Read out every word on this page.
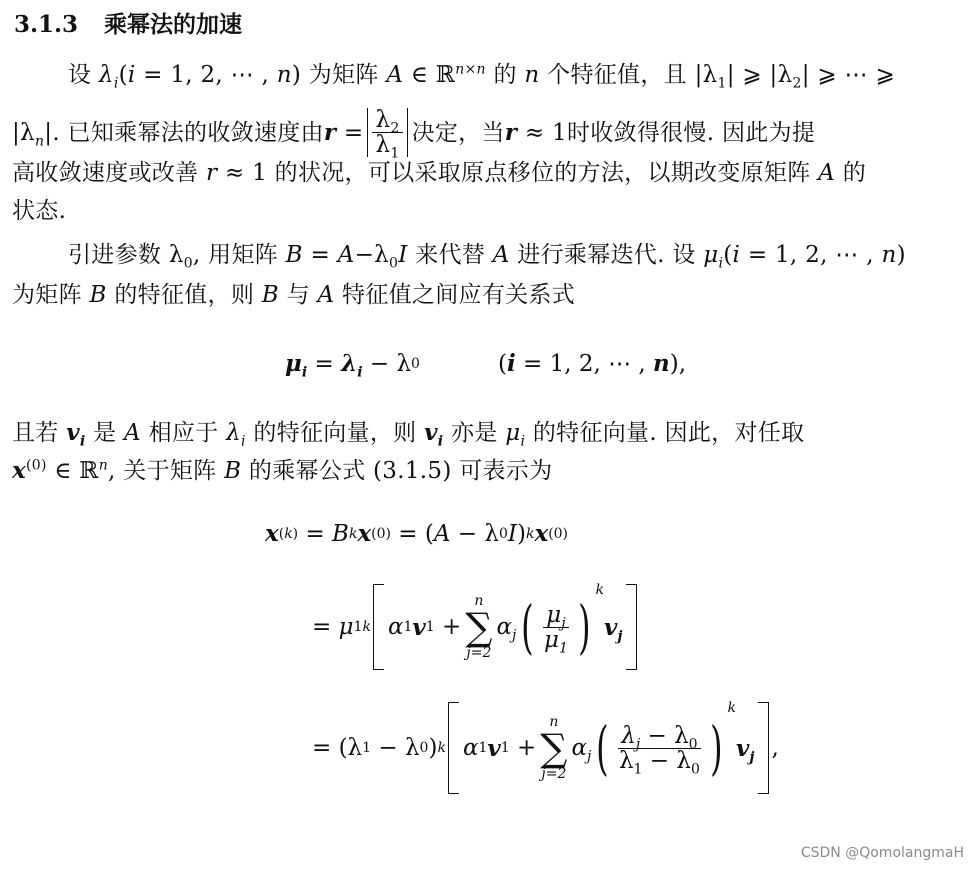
3.1.3 乘幂法的加速
设 $\lambda_i(i = 1$, 2, ⋯ , n) 为矩阵 A ∈ ℝ$^{n\times n}$ 的 n 个特征值，且 $|\lambda_1|$ ⩾ $|\lambda_2|$ ⩾ ⋯ ⩾
$|\lambda_n|$ . 已知乘幂法的收敛速度由 $r = \frac{\lambda_2}{\lambda_1}$ 决定，当 r ≈ 1 时收敛得很慢. 因此为提
高收敛速度或改善 r ≈ 1 的状况，可以采取原点移位的方法，以期改变原矩阵 A 的
状态.
引进参数 $\lambda_0$, 用矩阵 $B = A-\lambda_0I$ 来代替 A 进行乘幂迭代. 设 $\mu_i(i = 1$, 2, ⋯ , n)
为矩阵 B 的特征值，则 B 与 A 特征值之间应有关系式
$\mu_i = \lambda_i - \lambda$ 0	( i = 1, 2, ⋯ , n ),
且若 $v_i$ 是 A 相应于 $\lambda_i$ 的特征向量，则 $v_i$ 亦是 $\mu_i$ 的特征向量. 因此，对任取
$x^{(0)}$ ∈ ℝ$^n$, 关于矩阵 B 的乘幂公式 (3.1.5) 可表示为
x (k) = B k x (0) = ( A − λ 0 I ) k x (0)
= μ 1 k α 1 v 1 +
n
∑
j=2
$\alpha_j$ ( $\frac{\mu_j}{\mu_1}$ )
k
$v_j$
= (λ 1 − λ 0 ) k α 1 v 1 +
n
∑
j=2
$\alpha_j$ ( $\frac{\lambda_j - \lambda_0}{\lambda_1 - \lambda_0}$ )
k
$v_j$ ,
CSDN @QomolangmaH
